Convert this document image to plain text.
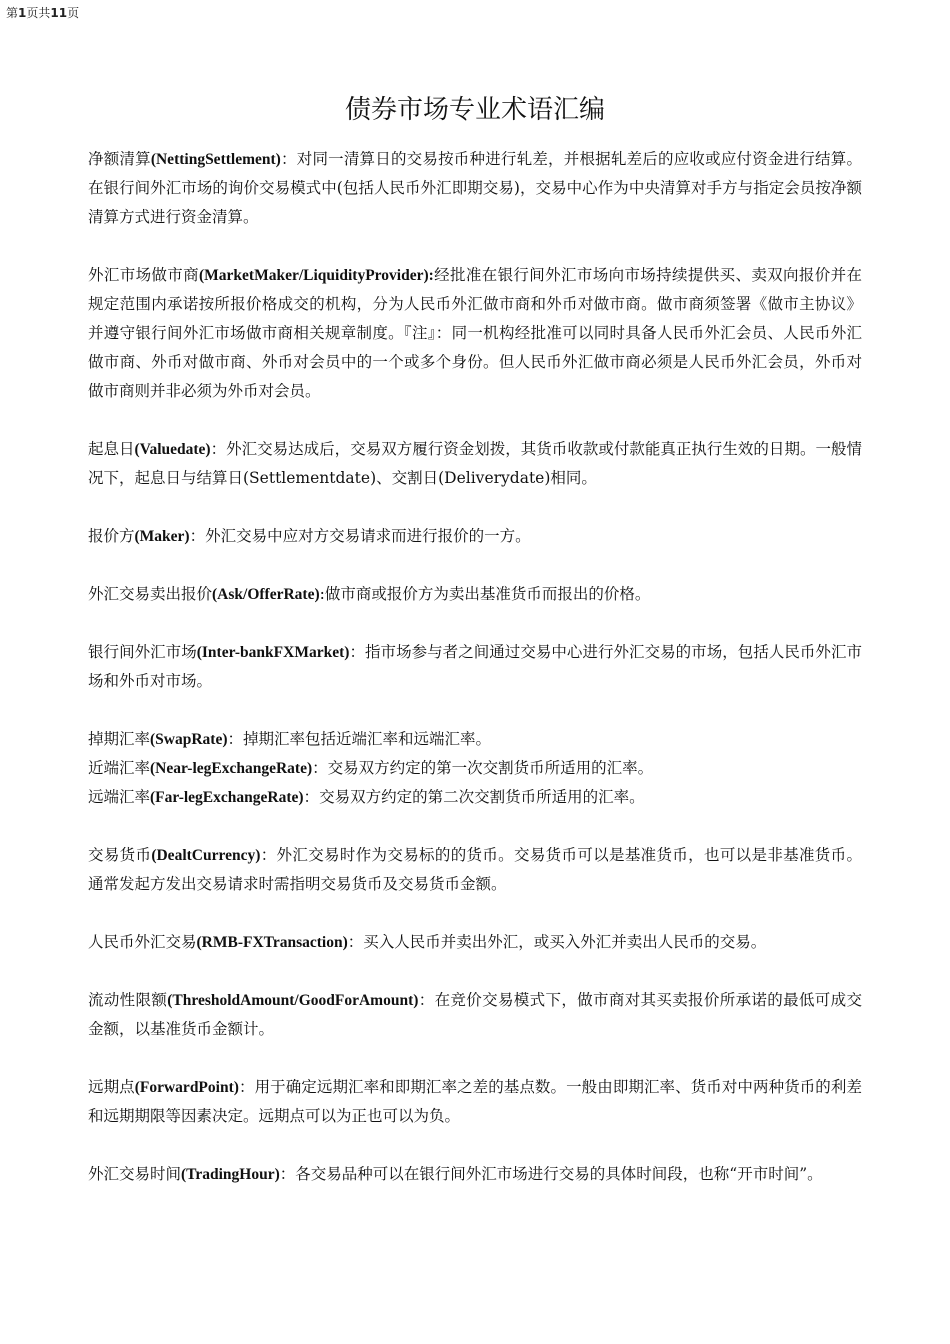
第1页共11页
债券市场专业术语汇编

净额清算(NettingSettlement)：对同一清算日的交易按币种进行轧差，并根据轧差后的应收或应付资金进行结算。在银行间外汇市场的询价交易模式中(包括人民币外汇即期交易)，交易中心作为中央清算对手方与指定会员按净额清算方式进行资金清算。

外汇市场做市商(MarketMaker/LiquidityProvider):经批准在银行间外汇市场向市场持续提供买、卖双向报价并在规定范围内承诺按所报价格成交的机构，分为人民币外汇做市商和外币对做市商。做市商须签署《做市主协议》并遵守银行间外汇市场做市商相关规章制度。『注』：同一机构经批准可以同时具备人民币外汇会员、人民币外汇做市商、外币对做市商、外币对会员中的一个或多个身份。但人民币外汇做市商必须是人民币外汇会员，外币对做市商则并非必须为外币对会员。

起息日(Valuedate)：外汇交易达成后，交易双方履行资金划拨，其货币收款或付款能真正执行生效的日期。一般情况下，起息日与结算日(Settlementdate)、交割日(Deliverydate)相同。

报价方(Maker)：外汇交易中应对方交易请求而进行报价的一方。

外汇交易卖出报价(Ask/OfferRate):做市商或报价方为卖出基准货币而报出的价格。

银行间外汇市场(Inter-bankFXMarket)：指市场参与者之间通过交易中心进行外汇交易的市场，包括人民币外汇市场和外币对市场。

掉期汇率(SwapRate)：掉期汇率包括近端汇率和远端汇率。

近端汇率(Near-legExchangeRate)：交易双方约定的第一次交割货币所适用的汇率。

远端汇率(Far-legExchangeRate)：交易双方约定的第二次交割货币所适用的汇率。

交易货币(DealtCurrency)：外汇交易时作为交易标的的货币。交易货币可以是基准货币，也可以是非基准货币。通常发起方发出交易请求时需指明交易货币及交易货币金额。

人民币外汇交易(RMB-FXTransaction)：买入人民币并卖出外汇，或买入外汇并卖出人民币的交易。

流动性限额(ThresholdAmount/GoodForAmount)：在竞价交易模式下，做市商对其买卖报价所承诺的最低可成交金额，以基准货币金额计。

远期点(ForwardPoint)：用于确定远期汇率和即期汇率之差的基点数。一般由即期汇率、货币对中两种货币的利差和远期期限等因素决定。远期点可以为正也可以为负。

外汇交易时间(TradingHour)：各交易品种可以在银行间外汇市场进行交易的具体时间段，也称“开市时间”。
